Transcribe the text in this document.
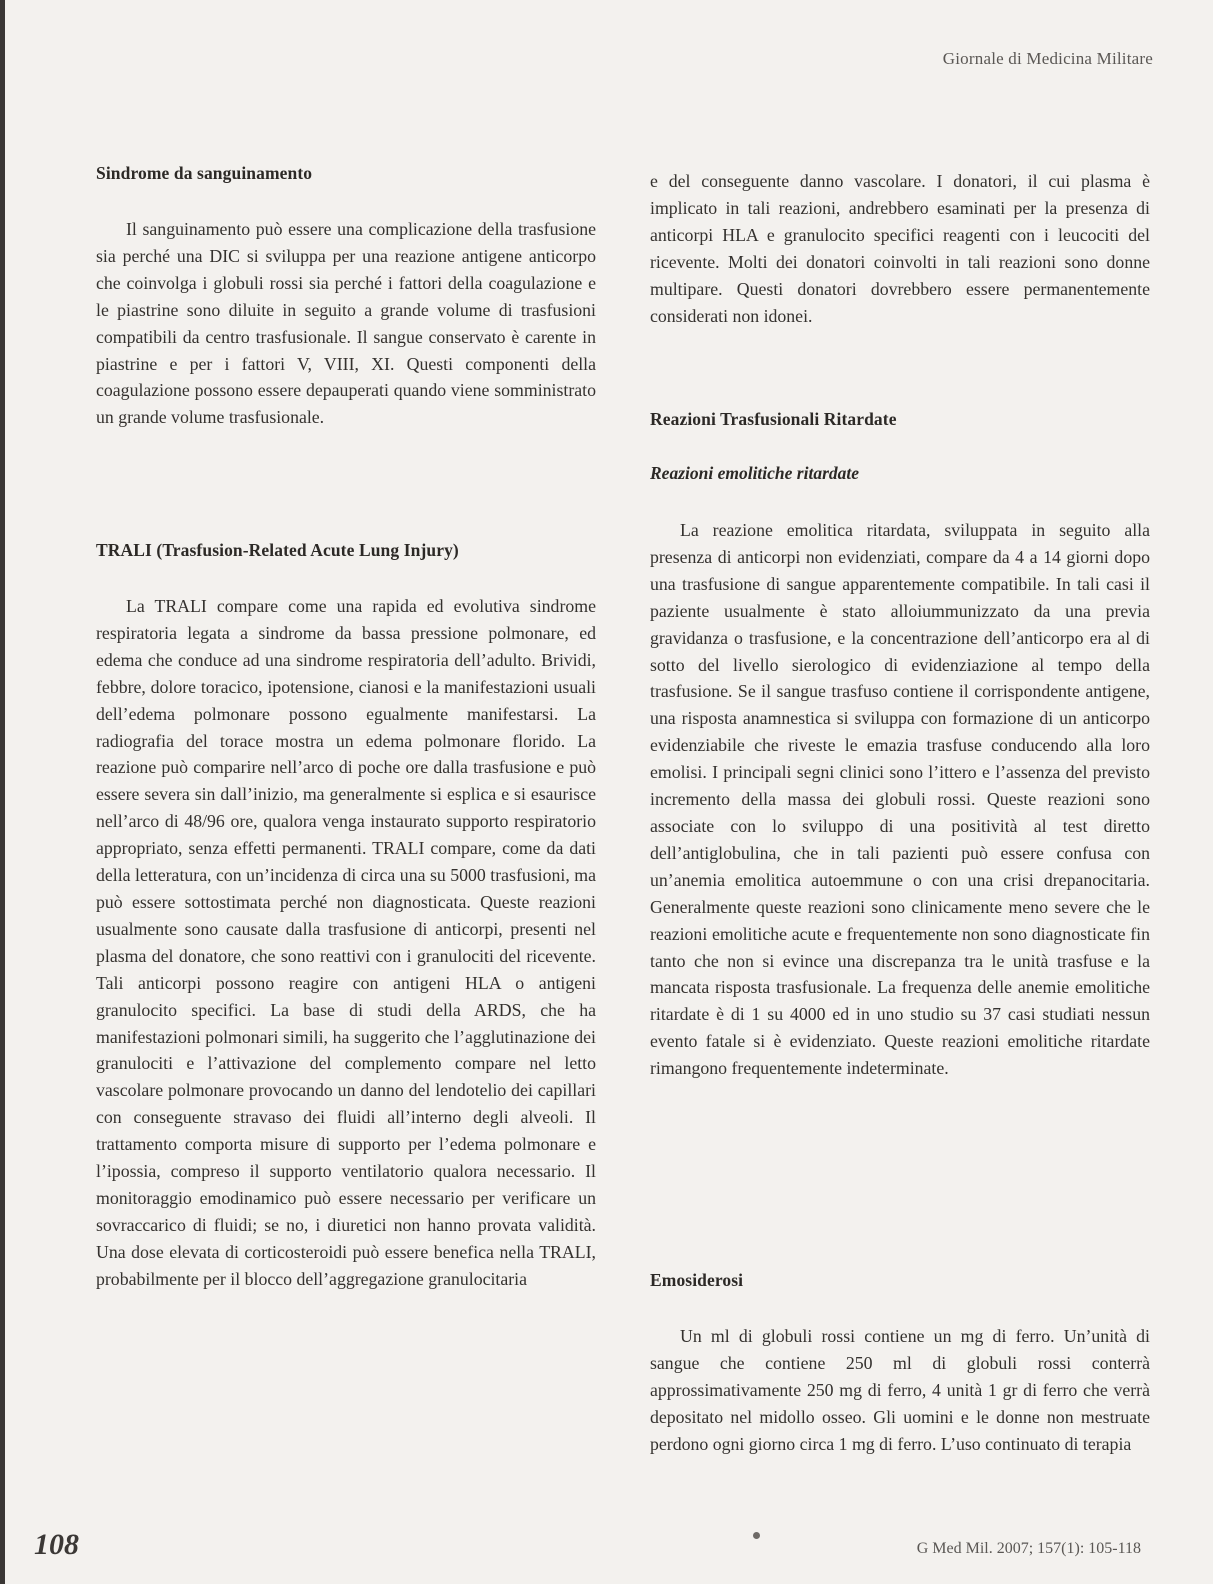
Giornale di Medicina Militare
Sindrome da sanguinamento

Il sanguinamento può essere una complicazione della trasfusione sia perché una DIC si sviluppa per una reazione antigene anticorpo che coinvolga i globuli rossi sia perché i fattori della coagulazione e le piastrine sono diluite in seguito a grande volume di trasfusioni compatibili da centro trasfusionale. Il sangue conservato è carente in piastrine e per i fattori V, VIII, XI. Questi componenti della coagulazione possono essere depauperati quando viene somministrato un grande volume trasfusionale.

TRALI (Trasfusion-Related Acute Lung Injury)

La TRALI compare come una rapida ed evolutiva sindrome respiratoria legata a sindrome da bassa pressione polmonare, ed edema che conduce ad una sindrome respiratoria dell’adulto. Brividi, febbre, dolore toracico, ipotensione, cianosi e la manifestazioni usuali dell’edema polmonare possono egualmente manifestarsi. La radiografia del torace mostra un edema polmonare florido. La reazione può comparire nell’arco di poche ore dalla trasfusione e può essere severa sin dall’inizio, ma generalmente si esplica e si esaurisce nell’arco di 48/96 ore, qualora venga instaurato supporto respiratorio appropriato, senza effetti permanenti. TRALI compare, come da dati della letteratura, con un’incidenza di circa una su 5000 trasfusioni, ma può essere sottostimata perché non diagnosticata. Queste reazioni usualmente sono causate dalla trasfusione di anticorpi, presenti nel plasma del donatore, che sono reattivi con i granulociti del ricevente. Tali anticorpi possono reagire con antigeni HLA o antigeni granulocito specifici. La base di studi della ARDS, che ha manifestazioni polmonari simili, ha suggerito che l’agglutinazione dei granulociti e l’attivazione del complemento compare nel letto vascolare polmonare provocando un danno del lendotelio dei capillari con conseguente stravaso dei fluidi all’interno degli alveoli. Il trattamento comporta misure di supporto per l’edema polmonare e l’ipossia, compreso il supporto ventilatorio qualora necessario. Il monitoraggio emodinamico può essere necessario per verificare un sovraccarico di fluidi; se no, i diuretici non hanno provata validità. Una dose elevata di corticosteroidi può essere benefica nella TRALI, probabilmente per il blocco dell’aggregazione granulocitaria

e del conseguente danno vascolare. I donatori, il cui plasma è implicato in tali reazioni, andrebbero esaminati per la presenza di anticorpi HLA e granulocito specifici reagenti con i leucociti del ricevente. Molti dei donatori coinvolti in tali reazioni sono donne multipare. Questi donatori dovrebbero essere permanentemente considerati non idonei.

Reazioni Trasfusionali Ritardate
Reazioni emolitiche ritardate

La reazione emolitica ritardata, sviluppata in seguito alla presenza di anticorpi non evidenziati, compare da 4 a 14 giorni dopo una trasfusione di sangue apparentemente compatibile. In tali casi il paziente usualmente è stato alloiummunizzato da una previa gravidanza o trasfusione, e la concentrazione dell’anticorpo era al di sotto del livello sierologico di evidenziazione al tempo della trasfusione. Se il sangue trasfuso contiene il corrispondente antigene, una risposta anamnestica si sviluppa con formazione di un anticorpo evidenziabile che riveste le emazia trasfuse conducendo alla loro emolisi. I principali segni clinici sono l’ittero e l’assenza del previsto incremento della massa dei globuli rossi. Queste reazioni sono associate con lo sviluppo di una positività al test diretto dell’antiglobulina, che in tali pazienti può essere confusa con un’anemia emolitica autoemmune o con una crisi drepanocitaria. Generalmente queste reazioni sono clinicamente meno severe che le reazioni emolitiche acute e frequentemente non sono diagnosticate fin tanto che non si evince una discrepanza tra le unità trasfuse e la mancata risposta trasfusionale. La frequenza delle anemie emolitiche ritardate è di 1 su 4000 ed in uno studio su 37 casi studiati nessun evento fatale si è evidenziato. Queste reazioni emolitiche ritardate rimangono frequentemente indeterminate.

Emosiderosi

Un ml di globuli rossi contiene un mg di ferro. Un’unità di sangue che contiene 250 ml di globuli rossi conterrà approssimativamente 250 mg di ferro, 4 unità 1 gr di ferro che verrà depositato nel midollo osseo. Gli uomini e le donne non mestruate perdono ogni giorno circa 1 mg di ferro. L’uso continuato di terapia

108	G Med Mil. 2007; 157(1): 105-118
